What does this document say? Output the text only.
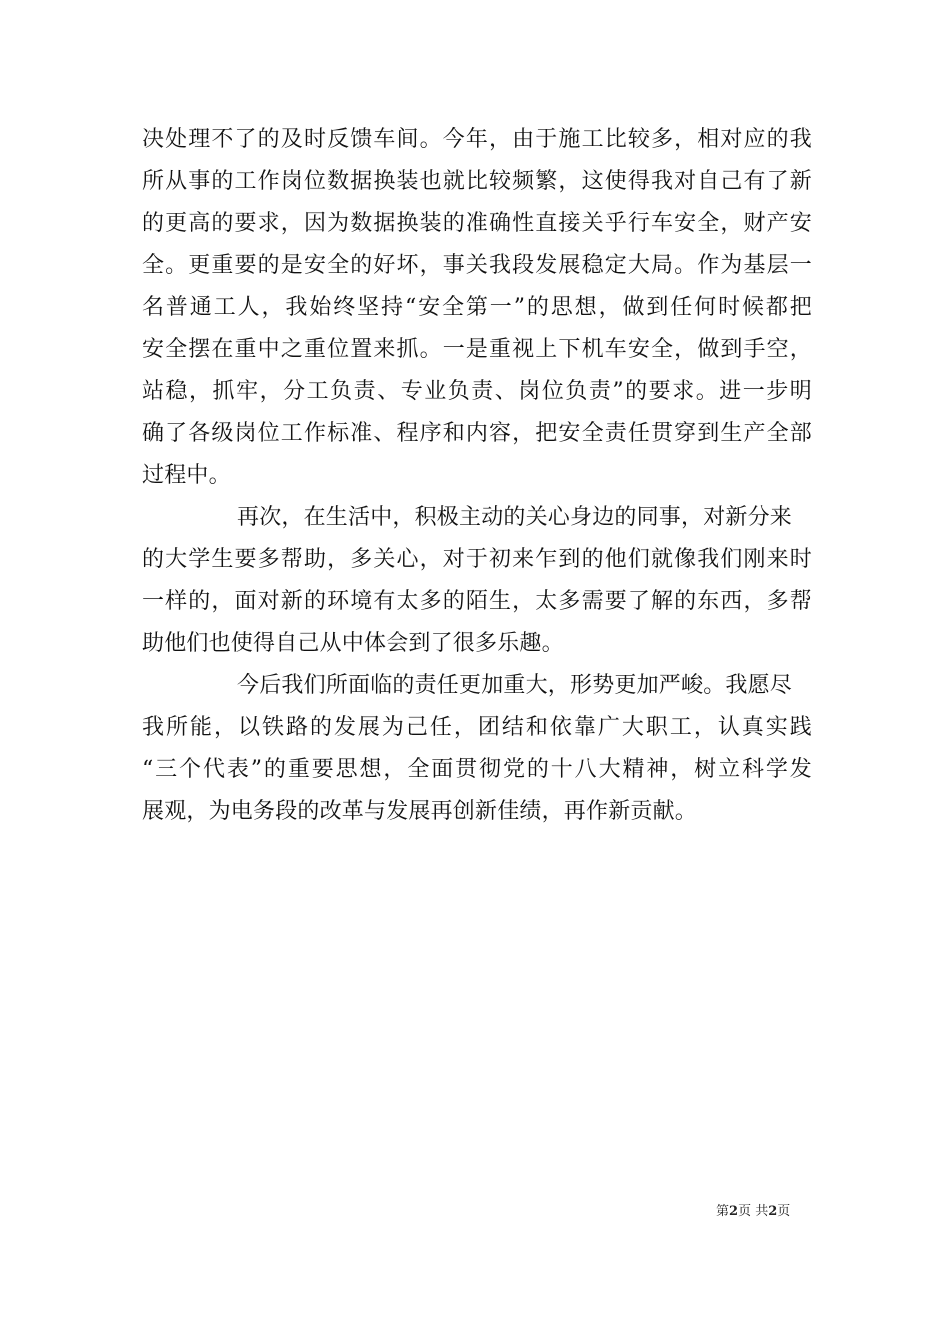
决处理不了的及时反馈车间。今年，由于施工比较多，相对应的我
所从事的工作岗位数据换装也就比较频繁，这使得我对自己有了新
的更高的要求，因为数据换装的准确性直接关乎行车安全，财产安
全。更重要的是安全的好坏，事关我段发展稳定大局。作为基层一
名普通工人，我始终坚持“安全第一”的思想，做到任何时候都把
安全摆在重中之重位置来抓。一是重视上下机车安全，做到手空，
站稳，抓牢，分工负责、专业负责、岗位负责”的要求。进一步明
确了各级岗位工作标准、程序和内容，把安全责任贯穿到生产全部
过程中。
再次，在生活中，积极主动的关心身边的同事，对新分来
的大学生要多帮助，多关心，对于初来乍到的他们就像我们刚来时
一样的，面对新的环境有太多的陌生，太多需要了解的东西，多帮
助他们也使得自己从中体会到了很多乐趣。
今后我们所面临的责任更加重大，形势更加严峻。我愿尽
我所能，以铁路的发展为己任，团结和依靠广大职工，认真实践
“三个代表”的重要思想，全面贯彻党的十八大精神，树立科学发
展观，为电务段的改革与发展再创新佳绩，再作新贡献。
第2页 共2页
